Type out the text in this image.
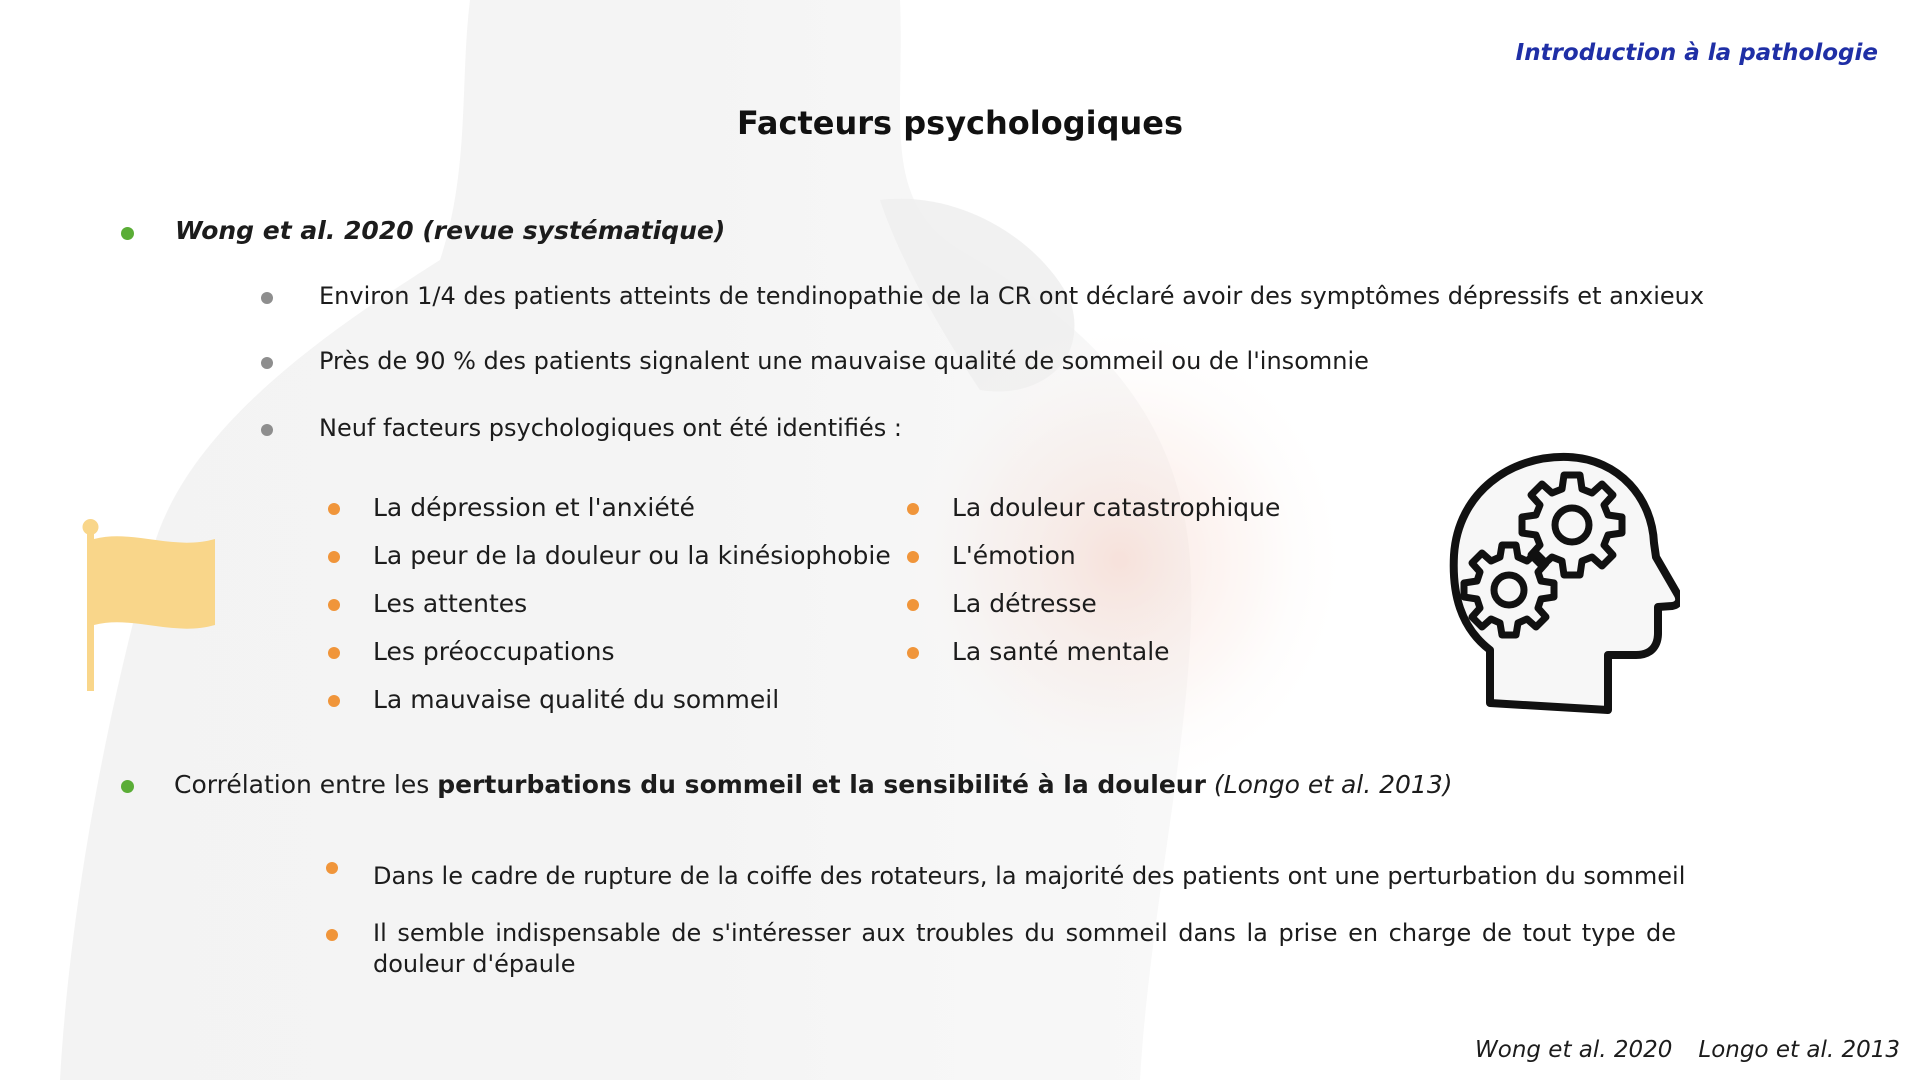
Introduction à la pathologie
Facteurs psychologiques
Wong et al. 2020 (revue systématique)
Environ 1/4 des patients atteints de tendinopathie de la CR ont déclaré avoir des symptômes dépressifs et anxieux
Près de 90 % des patients signalent une mauvaise qualité de sommeil ou de l'insomnie
Neuf facteurs psychologiques ont été identifiés :
La dépression et l'anxiété
La peur de la douleur ou la kinésiophobie
Les attentes
Les préoccupations
La mauvaise qualité du sommeil
La douleur catastrophique
L'émotion
La détresse
La santé mentale
Corrélation entre les perturbations du sommeil et la sensibilité à la douleur (Longo et al. 2013)
Dans le cadre de rupture de la coiffe des rotateurs, la majorité des patients ont une perturbation du sommeil
Il semble indispensable de s'intéresser aux troubles du sommeil dans la prise en charge de tout type de douleur d'épaule
Wong et al. 2020 Longo et al. 2013
